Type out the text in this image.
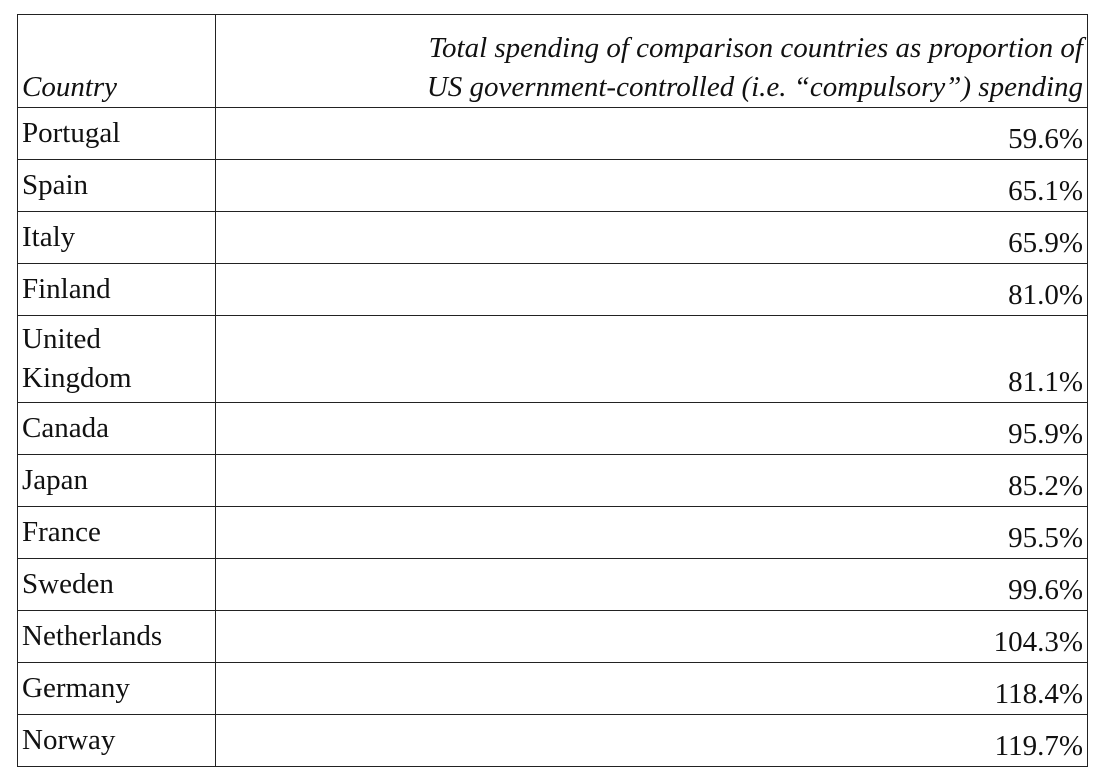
Country	Total spending of comparison countries as proportion of
US government-controlled (i.e. “compulsory”) spending
Portugal	59.6%
Spain	65.1%
Italy	65.9%
Finland	81.0%
United
Kingdom	81.1%
Canada	95.9%
Japan	85.2%
France	95.5%
Sweden	99.6%
Netherlands	104.3%
Germany	118.4%
Norway	119.7%
